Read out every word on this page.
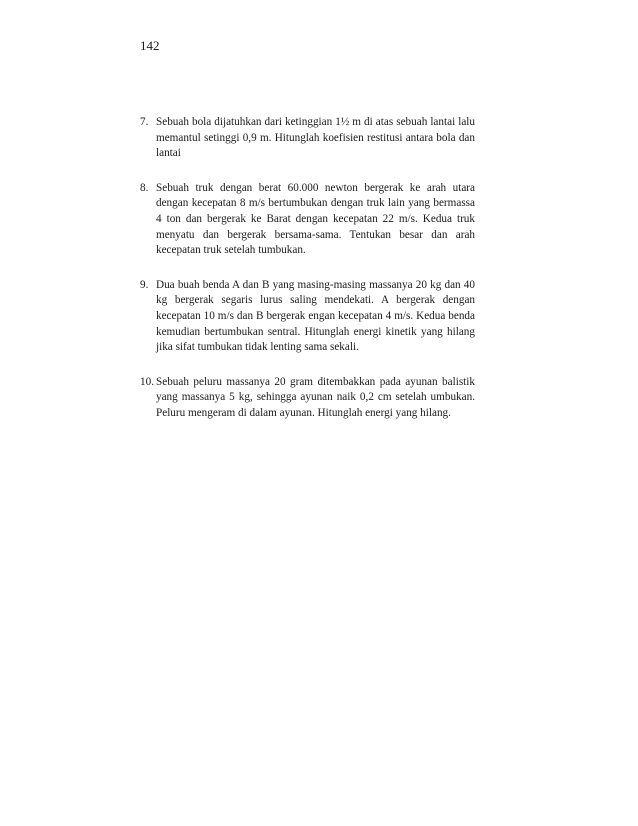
142
7. Sebuah bola dijatuhkan dari ketinggian 1½ m di atas sebuah lantai lalu memantul setinggi 0,9 m. Hitunglah koefisien restitusi antara bola dan lantai

8. Sebuah truk dengan berat 60.000 newton bergerak ke arah utara dengan kecepatan 8 m/s bertumbukan dengan truk lain yang bermassa 4 ton dan bergerak ke Barat dengan kecepatan 22 m/s. Kedua truk menyatu dan bergerak bersama-sama. Tentukan besar dan arah kecepatan truk setelah tumbukan.

9. Dua buah benda A dan B yang masing-masing massanya 20 kg dan 40 kg bergerak segaris lurus saling mendekati. A bergerak dengan kecepatan 10 m/s dan B bergerak engan kecepatan 4 m/s. Kedua benda kemudian bertumbukan sentral. Hitunglah energi kinetik yang hilang jika sifat tumbukan tidak lenting sama sekali.

10. Sebuah peluru massanya 20 gram ditembakkan pada ayunan balistik yang massanya 5 kg, sehingga ayunan naik 0,2 cm setelah umbukan. Peluru mengeram di dalam ayunan. Hitunglah energi yang hilang.
